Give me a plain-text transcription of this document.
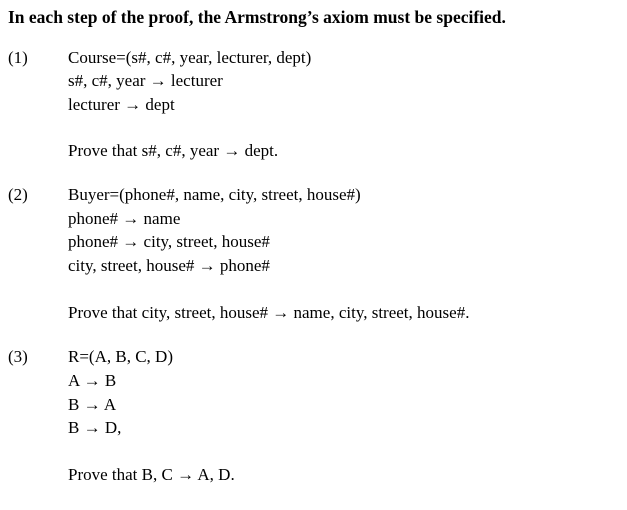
In each step of the proof, the Armstrong’s axiom must be specified.
(1) Course=(s#, c#, year, lecturer, dept)
s#, c#, year → lecturer
lecturer → dept
Prove that s#, c#, year → dept.
(2) Buyer=(phone#, name, city, street, house#)
phone# → name
phone# → city, street, house#
city, street, house# → phone#
Prove that city, street, house# → name, city, street, house#.
(3) R=(A, B, C, D)
A → B
B → A
B → D,
Prove that B, C → A, D.
